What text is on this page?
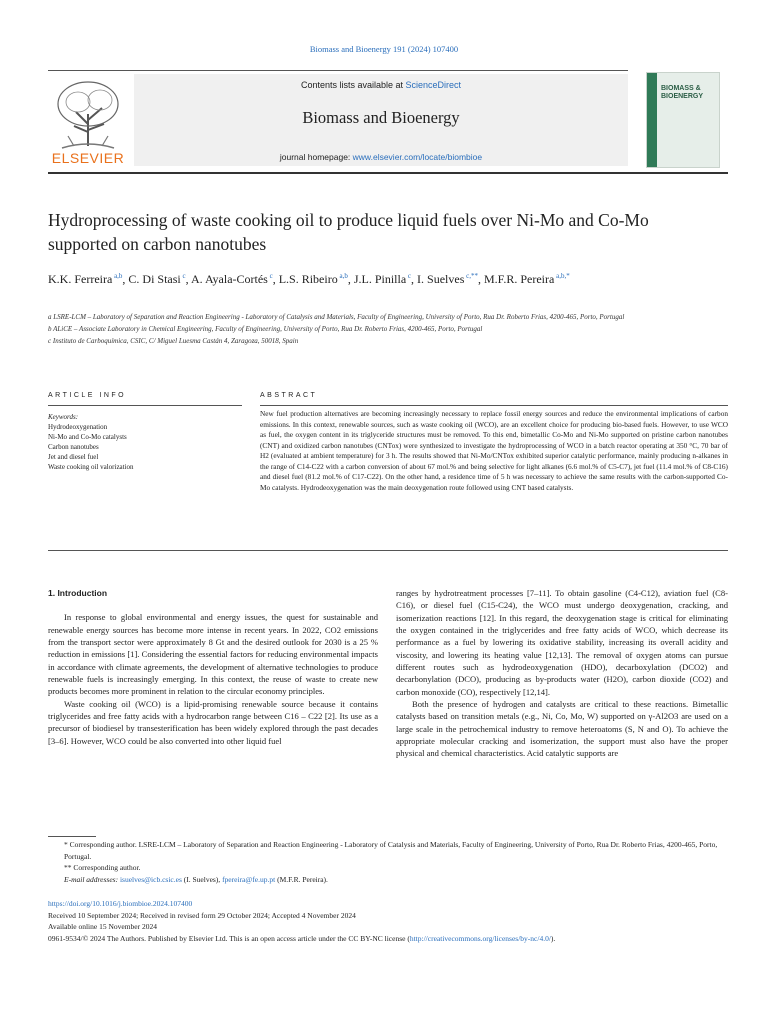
Biomass and Bioenergy 191 (2024) 107400
ELSEVIER
Contents lists available at ScienceDirect
Biomass and Bioenergy
journal homepage: www.elsevier.com/locate/biombioe
BIOMASS &
BIOENERGY
Hydroprocessing of waste cooking oil to produce liquid fuels over Ni-Mo and Co-Mo supported on carbon nanotubes
K.K. Ferreira $^{a,b}$, C. Di Stasi $^c$, A. Ayala-Cortés $^c$, L.S. Ribeiro $^{a,b}$, J.L. Pinilla $^c$, I. Suelves $^{c,**}$, M.F.R. Pereira $^{a,b,*}$
a LSRE-LCM – Laboratory of Separation and Reaction Engineering - Laboratory of Catalysis and Materials, Faculty of Engineering, University of Porto, Rua Dr. Roberto Frias, 4200-465, Porto, Portugal
b ALiCE – Associate Laboratory in Chemical Engineering, Faculty of Engineering, University of Porto, Rua Dr. Roberto Frias, 4200-465, Porto, Portugal
c Instituto de Carboquímica, CSIC, C/ Miguel Luesma Castán 4, Zaragoza, 50018, Spain
ARTICLE INFO	ABSTRACT
Keywords:
Hydrodeoxygenation
Ni-Mo and Co-Mo catalysts
Carbon nanotubes
Jet and diesel fuel
Waste cooking oil valorization
New fuel production alternatives are becoming increasingly necessary to replace fossil energy sources and reduce the environmental implications of carbon emissions. In this context, renewable sources, such as waste cooking oil (WCO), are an excellent choice for producing bio-based fuels. However, to use WCO as fuel, the oxygen content in its triglyceride structures must be removed. To this end, bimetallic Co-Mo and Ni-Mo supported on pristine carbon nanotubes (CNT) and oxidized carbon nanotubes (CNTox) were synthesized to investigate the hydroprocessing of WCO in a batch reactor operating at 350 °C, 70 bar of H2 (evaluated at ambient temperature) for 3 h. The results showed that Ni-Mo/CNTox exhibited superior catalytic performance, mainly producing n-alkanes in the range of C14-C22 with a carbon conversion of about 67 mol.% and being selective for light alkanes (6.6 mol.% of C5-C7), jet fuel (11.4 mol.% of C8-C16) and diesel fuel (81.2 mol.% of C17-C22). On the other hand, a residence time of 5 h was necessary to achieve the same results with the carbon-supported Co-Mo catalysts. Hydrodeoxygenation was the main deoxygenation route followed using CNT based catalysts.
1. Introduction

In response to global environmental and energy issues, the quest for sustainable and renewable energy sources has become more intense in recent years. In 2022, CO2 emissions from the transport sector were approximately 8 Gt and the desired outlook for 2030 is a 25 % reduction in emissions [1]. Considering the essential factors for reducing environmental impacts in accordance with climate agreements, the development of alternative technologies to produce renewable fuels is increasingly emerging. In this context, the reuse of waste to create new products becomes more prominent in relation to the circular economy principles.

Waste cooking oil (WCO) is a lipid-promising renewable source because it contains triglycerides and free fatty acids with a hydrocarbon range between C16 – C22 [2]. Its use as a precursor of biodiesel by transesterification has been widely explored through the past decades [3–6]. However, WCO could be also converted into other liquid fuel

ranges by hydrotreatment processes [7–11]. To obtain gasoline (C4-C12), aviation fuel (C8-C16), or diesel fuel (C15-C24), the WCO must undergo deoxygenation, cracking, and isomerization reactions [12]. In this regard, the deoxygenation stage is critical for eliminating the oxygen contained in the triglycerides and free fatty acids of WCO, which decrease its performance as a fuel by lowering its oxidative stability, increasing its overall acidity and viscosity, and lowering its heating value [12,13]. The removal of oxygen atoms can pursue different routes such as hydrodeoxygenation (HDO), decarboxylation (DCO2) and decarbonylation (DCO), producing as by-products water (H2O), carbon dioxide (CO2) and carbon monoxide (CO), respectively [12,14].

Both the presence of hydrogen and catalysts are critical to these reactions. Bimetallic catalysts based on transition metals (e.g., Ni, Co, Mo, W) supported on γ-Al2O3 are used on a large scale in the petrochemical industry to remove heteroatoms (S, N and O). To achieve the appropriate molecular cracking and isomerization, the support must also have the proper physical and chemical characteristics. Acid catalytic supports are

* Corresponding author. LSRE-LCM – Laboratory of Separation and Reaction Engineering - Laboratory of Catalysis and Materials, Faculty of Engineering, University of Porto, Rua Dr. Roberto Frias, 4200-465, Porto, Portugal.
** Corresponding author.
E-mail addresses: isuelves@icb.csic.es (I. Suelves), fpereira@fe.up.pt (M.F.R. Pereira).
https://doi.org/10.1016/j.biombioe.2024.107400
Received 10 September 2024; Received in revised form 29 October 2024; Accepted 4 November 2024
Available online 15 November 2024
0961-9534/© 2024 The Authors. Published by Elsevier Ltd. This is an open access article under the CC BY-NC license (http://creativecommons.org/licenses/by-nc/4.0/).
